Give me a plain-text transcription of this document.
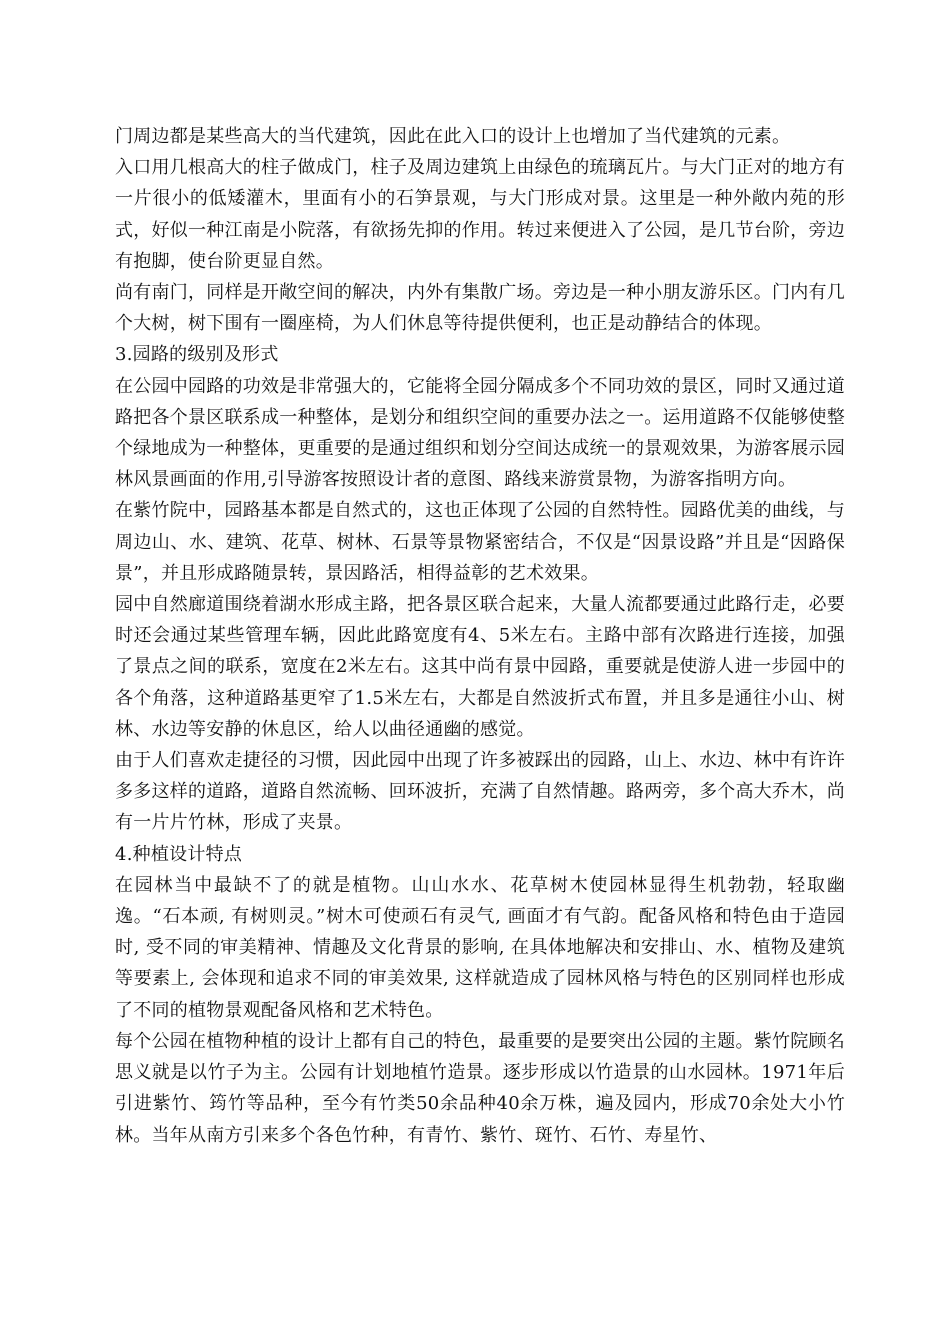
门周边都是某些高大的当代建筑，因此在此入口的设计上也增加了当代建筑的元素。

入口用几根高大的柱子做成门，柱子及周边建筑上由绿色的琉璃瓦片。与大门正对的地方有一片很小的低矮灌木，里面有小的石笋景观，与大门形成对景。这里是一种外敞内苑的形式，好似一种江南是小院落，有欲扬先抑的作用。转过来便进入了公园，是几节台阶，旁边有抱脚，使台阶更显自然。

尚有南门，同样是开敞空间的解决，内外有集散广场。旁边是一种小朋友游乐区。门内有几个大树，树下围有一圈座椅，为人们休息等待提供便利，也正是动静结合的体现。

3.园路的级别及形式

在公园中园路的功效是非常强大的，它能将全园分隔成多个不同功效的景区，同时又通过道路把各个景区联系成一种整体，是划分和组织空间的重要办法之一。运用道路不仅能够使整个绿地成为一种整体，更重要的是通过组织和划分空间达成统一的景观效果，为游客展示园林风景画面的作用,引导游客按照设计者的意图、路线来游赏景物，为游客指明方向。

在紫竹院中，园路基本都是自然式的，这也正体现了公园的自然特性。园路优美的曲线，与周边山、水、建筑、花草、树林、石景等景物紧密结合，不仅是“因景设路”并且是“因路保景”，并且形成路随景转，景因路活，相得益彰的艺术效果。

园中自然廊道围绕着湖水形成主路，把各景区联合起来，大量人流都要通过此路行走，必要时还会通过某些管理车辆，因此此路宽度有4、5米左右。主路中部有次路进行连接，加强了景点之间的联系，宽度在2米左右。这其中尚有景中园路，重要就是使游人进一步园中的各个角落，这种道路基更窄了1.5米左右，大都是自然波折式布置，并且多是通往小山、树林、水边等安静的休息区，给人以曲径通幽的感觉。

由于人们喜欢走捷径的习惯，因此园中出现了许多被踩出的园路，山上、水边、林中有许许多多这样的道路，道路自然流畅、回环波折，充满了自然情趣。路两旁，多个高大乔木，尚有一片片竹林，形成了夹景。

4.种植设计特点

在园林当中最缺不了的就是植物。山山水水、花草树木使园林显得生机勃勃，轻取幽逸。“石本顽, 有树则灵。”树木可使顽石有灵气, 画面才有气韵。配备风格和特色由于造园时, 受不同的审美精神、情趣及文化背景的影响, 在具体地解决和安排山、水、植物及建筑等要素上, 会体现和追求不同的审美效果, 这样就造成了园林风格与特色的区别同样也形成了不同的植物景观配备风格和艺术特色。

每个公园在植物种植的设计上都有自己的特色，最重要的是要突出公园的主题。紫竹院顾名思义就是以竹子为主。公园有计划地植竹造景。逐步形成以竹造景的山水园林。1971年后引进紫竹、筠竹等品种，至今有竹类50余品种40余万株，遍及园内，形成70余处大小竹林。当年从南方引来多个各色竹种，有青竹、紫竹、斑竹、石竹、寿星竹、
